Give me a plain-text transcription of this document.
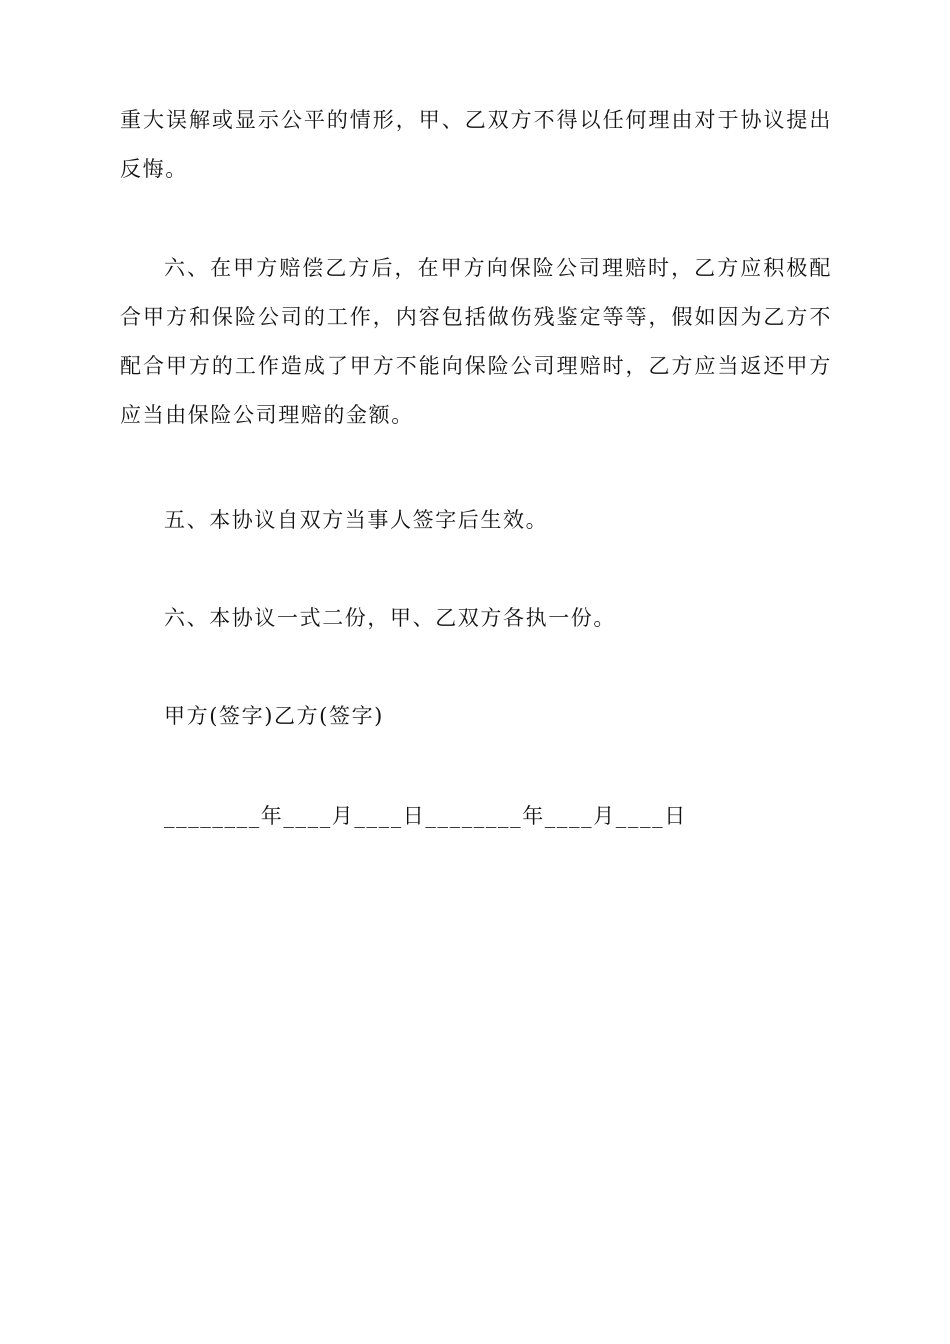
重大误解或显示公平的情形，甲、乙双方不得以任何理由对于协议提出反悔。

六、在甲方赔偿乙方后，在甲方向保险公司理赔时，乙方应积极配合甲方和保险公司的工作，内容包括做伤残鉴定等等，假如因为乙方不配合甲方的工作造成了甲方不能向保险公司理赔时，乙方应当返还甲方应当由保险公司理赔的金额。

五、本协议自双方当事人签字后生效。

六、本协议一式二份，甲、乙双方各执一份。

甲方(签字)乙方(签字)

________年____月____日________年____月____日
